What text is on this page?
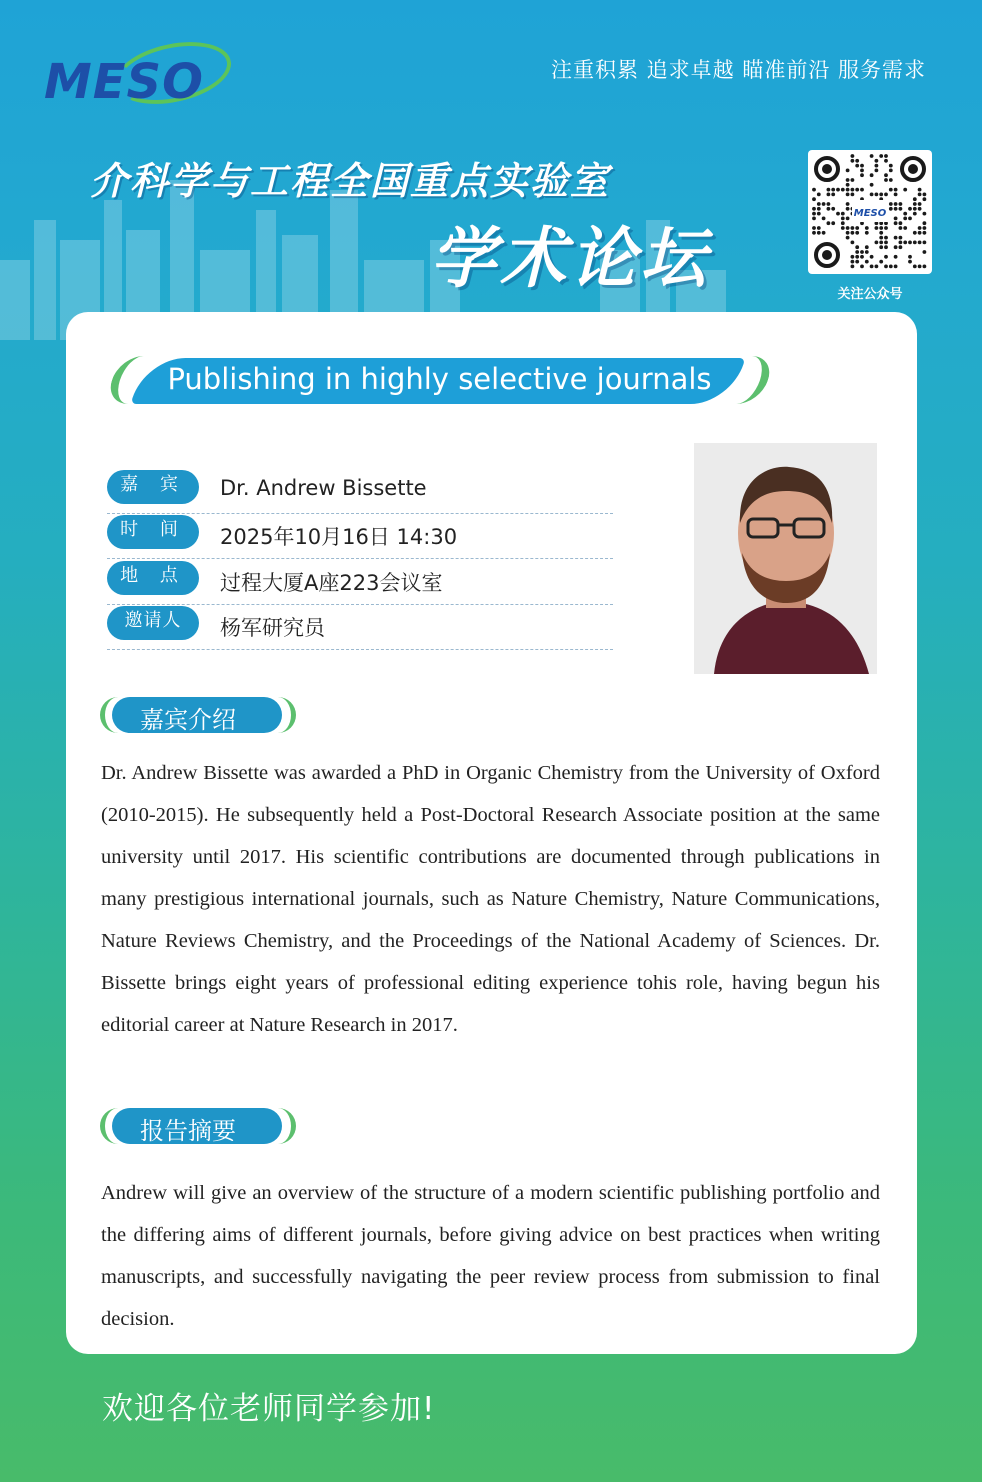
MESO	注重积累 追求卓越 瞄准前沿 服务需求
介科学与工程全国重点实验室
学术论坛
MESO
关注公众号
Publishing in highly selective journals
嘉 宾	Dr. Andrew Bissette
时 间	2025年10月16日 14:30
地 点	过程大厦A座223会议室
邀请人	杨军研究员
嘉宾介绍

Dr. Andrew Bissette was awarded a PhD in Organic Chemistry from the University of Oxford (2010-2015). He subsequently held a Post-Doctoral Research Associate position at the same university until 2017. His scientific contributions are documented through publications in many prestigious international journals, such as Nature Chemistry, Nature Communications, Nature Reviews Chemistry, and the Proceedings of the National Academy of Sciences. Dr. Bissette brings eight years of professional editing experience tohis role, having begun his editorial career at Nature Research in 2017.

报告摘要

Andrew will give an overview of the structure of a modern scientific publishing portfolio and the differing aims of different journals, before giving advice on best practices when writing manuscripts, and successfully navigating the peer review process from submission to final decision.

欢迎各位老师同学参加!
